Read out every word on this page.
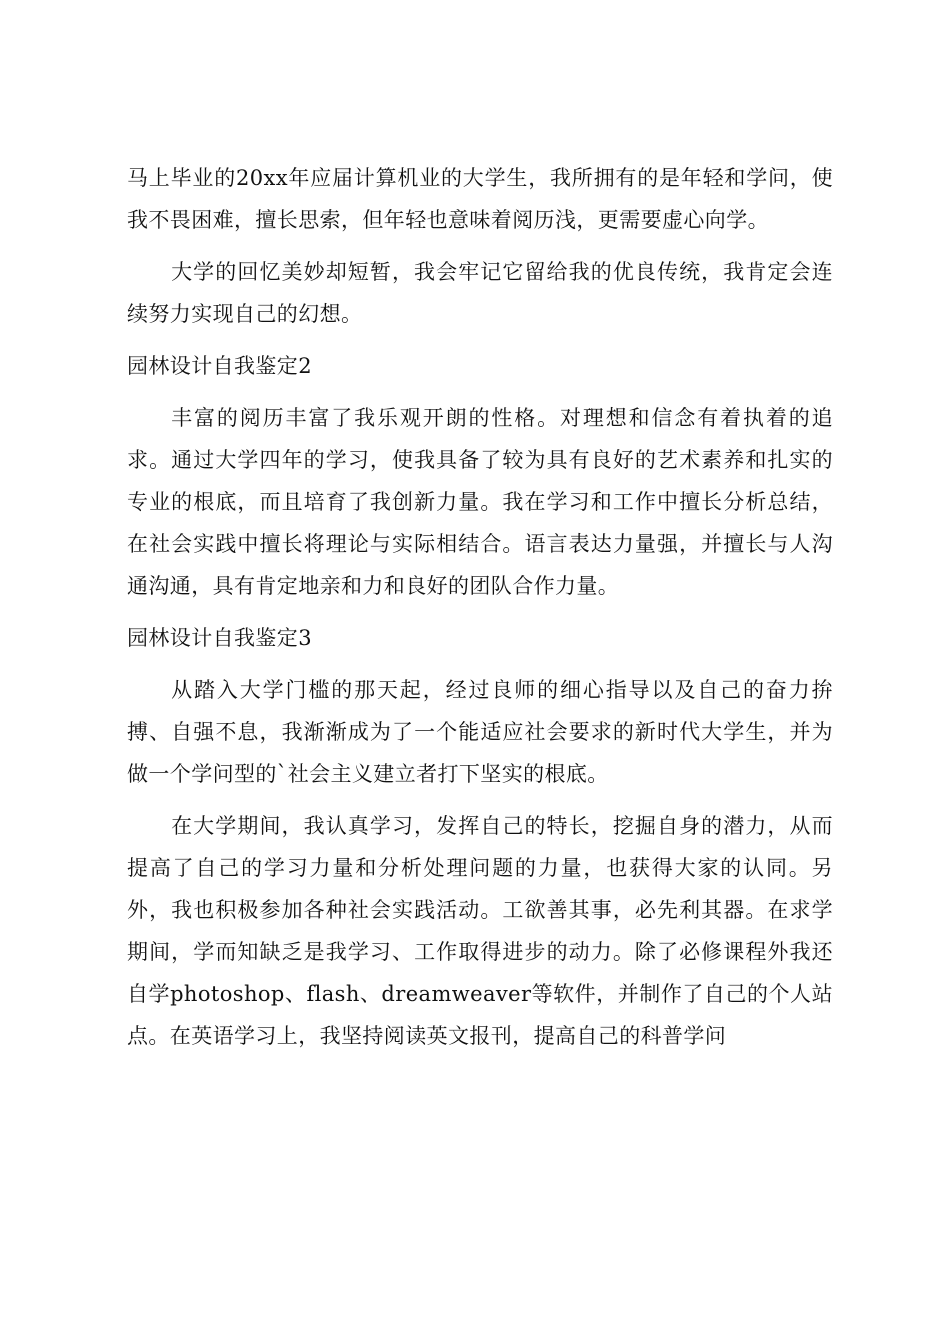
马上毕业的20xx年应届计算机业的大学生，我所拥有的是年轻和学问，使我不畏困难，擅长思索，但年轻也意味着阅历浅，更需要虚心向学。

大学的回忆美妙却短暂，我会牢记它留给我的优良传统，我肯定会连续努力实现自己的幻想。

园林设计自我鉴定2

丰富的阅历丰富了我乐观开朗的性格。对理想和信念有着执着的追求。通过大学四年的学习，使我具备了较为具有良好的艺术素养和扎实的专业的根底，而且培育了我创新力量。我在学习和工作中擅长分析总结，在社会实践中擅长将理论与实际相结合。语言表达力量强，并擅长与人沟通沟通，具有肯定地亲和力和良好的团队合作力量。

园林设计自我鉴定3

从踏入大学门槛的那天起，经过良师的细心指导以及自己的奋力拚搏、自强不息，我渐渐成为了一个能适应社会要求的新时代大学生，并为做一个学问型的`社会主义建立者打下坚实的根底。

在大学期间，我认真学习，发挥自己的特长，挖掘自身的潜力，从而提高了自己的学习力量和分析处理问题的力量，也获得大家的认同。另外，我也积极参加各种社会实践活动。工欲善其事，必先利其器。在求学期间，学而知缺乏是我学习、工作取得进步的动力。除了必修课程外我还自学photoshop、flash、dreamweaver等软件，并制作了自己的个人站点。在英语学习上，我坚持阅读英文报刊，提高自己的科普学问
